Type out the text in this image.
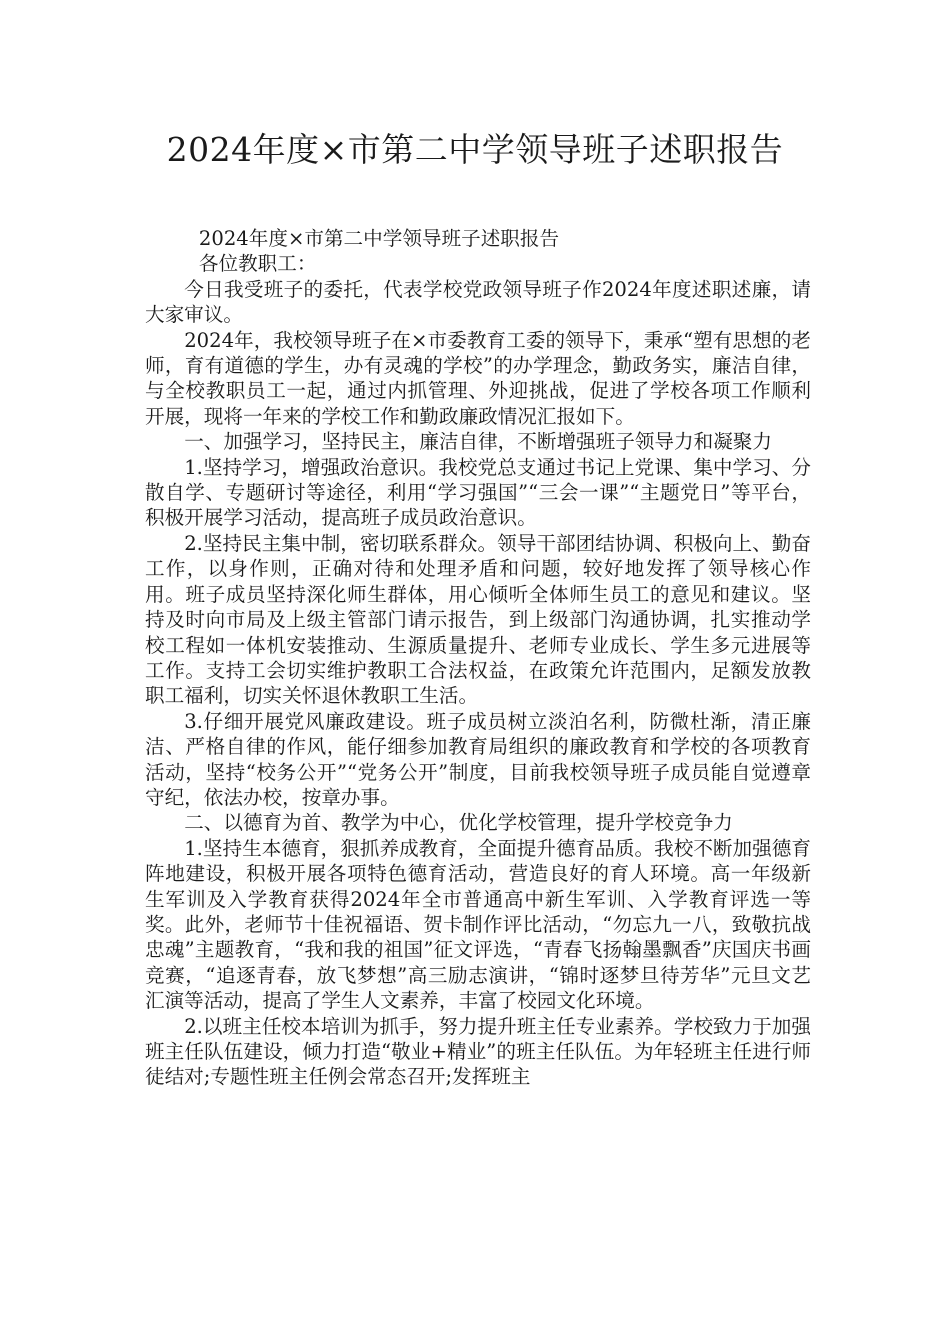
2024年度×市第二中学领导班子述职报告

2024年度×市第二中学领导班子述职报告

各位教职工：

今日我受班子的委托，代表学校党政领导班子作2024年度述职述廉，请大家审议。

2024年，我校领导班子在×市委教育工委的领导下，秉承“塑有思想的老师，育有道德的学生，办有灵魂的学校”的办学理念，勤政务实，廉洁自律，与全校教职员工一起，通过内抓管理、外迎挑战，促进了学校各项工作顺利开展，现将一年来的学校工作和勤政廉政情况汇报如下。

一、加强学习，坚持民主，廉洁自律，不断增强班子领导力和凝聚力

1.坚持学习，增强政治意识。我校党总支通过书记上党课、集中学习、分散自学、专题研讨等途径，利用“学习强国”“三会一课”“主题党日”等平台，积极开展学习活动，提高班子成员政治意识。

2.坚持民主集中制，密切联系群众。领导干部团结协调、积极向上、勤奋工作，以身作则，正确对待和处理矛盾和问题，较好地发挥了领导核心作用。班子成员坚持深化师生群体，用心倾听全体师生员工的意见和建议。坚持及时向市局及上级主管部门请示报告，到上级部门沟通协调，扎实推动学校工程如一体机安装推动、生源质量提升、老师专业成长、学生多元进展等工作。支持工会切实维护教职工合法权益，在政策允许范围内，足额发放教职工福利，切实关怀退休教职工生活。

3.仔细开展党风廉政建设。班子成员树立淡泊名利，防微杜渐，清正廉洁、严格自律的作风，能仔细参加教育局组织的廉政教育和学校的各项教育活动，坚持“校务公开”“党务公开”制度，目前我校领导班子成员能自觉遵章守纪，依法办校，按章办事。

二、以德育为首、教学为中心，优化学校管理，提升学校竞争力

1.坚持生本德育，狠抓养成教育，全面提升德育品质。我校不断加强德育阵地建设，积极开展各项特色德育活动，营造良好的育人环境。高一年级新生军训及入学教育获得2024年全市普通高中新生军训、入学教育评选一等奖。此外，老师节十佳祝福语、贺卡制作评比活动，“勿忘九一八，致敬抗战忠魂”主题教育，“我和我的祖国”征文评选，“青春飞扬翰墨飘香”庆国庆书画竞赛，“追逐青春，放飞梦想”高三励志演讲，“锦时逐梦旦待芳华”元旦文艺汇演等活动，提高了学生人文素养，丰富了校园文化环境。

2.以班主任校本培训为抓手，努力提升班主任专业素养。学校致力于加强班主任队伍建设，倾力打造“敬业+精业”的班主任队伍。为年轻班主任进行师徒结对;专题性班主任例会常态召开;发挥班主
